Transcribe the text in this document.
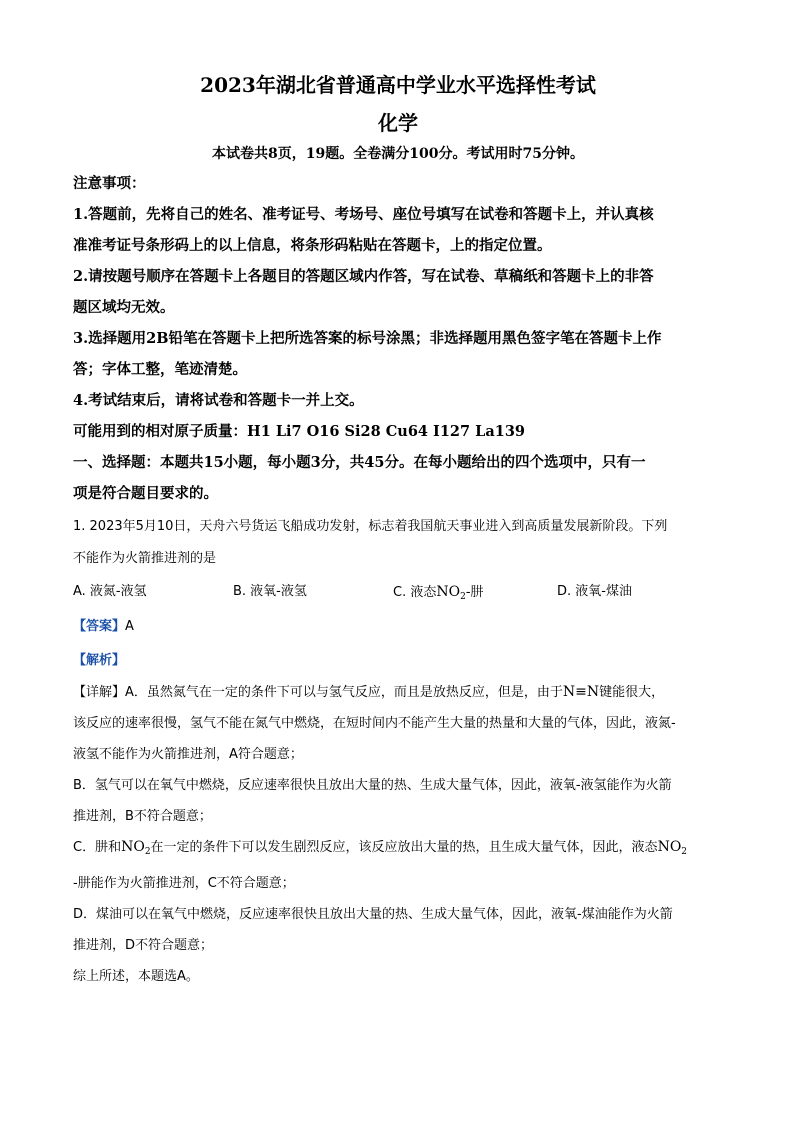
2023年湖北省普通高中学业水平选择性考试
化学
本试卷共8页，19题。全卷满分100分。考试用时75分钟。
注意事项：
1.答题前，先将自己的姓名、准考证号、考场号、座位号填写在试卷和答题卡上，并认真核
准准考证号条形码上的以上信息，将条形码粘贴在答题卡，上的指定位置。
2.请按题号顺序在答题卡上各题目的答题区域内作答，写在试卷、草稿纸和答题卡上的非答
题区域均无效。
3.选择题用2B铅笔在答题卡上把所选答案的标号涂黑；非选择题用黑色签字笔在答题卡上作
答；字体工整，笔迹清楚。
4.考试结束后，请将试卷和答题卡一并上交。
可能用到的相对原子质量：H1 Li7 O16 Si28 Cu64 I127 La139
一、选择题：本题共15小题，每小题3分，共45分。在每小题给出的四个选项中，只有一
项是符合题目要求的。
1. 2023年5月10日，天舟六号货运飞船成功发射，标志着我国航天事业进入到高质量发展新阶段。下列
不能作为火箭推进剂的是
A. 液氮-液氢	B. 液氧-液氢	C. 液态$NO_2-$肼	D. 液氧-煤油
【答案】A
【解析】
【详解】A．虽然氮气在一定的条件下可以与氢气反应，而且是放热反应，但是，由于N≡N键能很大，
该反应的速率很慢，氢气不能在氮气中燃烧，在短时间内不能产生大量的热量和大量的气体，因此，液氮-
液氢不能作为火箭推进剂，A符合题意；
B．氢气可以在氧气中燃烧，反应速率很快且放出大量的热、生成大量气体，因此，液氧-液氢能作为火箭
推进剂，B不符合题意；
C．肼和$NO_2$在一定的条件下可以发生剧烈反应，该反应放出大量的热，且生成大量气体，因此，液态$NO_2$
-肼能作为火箭推进剂，C不符合题意；
D．煤油可以在氧气中燃烧，反应速率很快且放出大量的热、生成大量气体，因此，液氧-煤油能作为火箭
推进剂，D不符合题意；
综上所述，本题选A。
